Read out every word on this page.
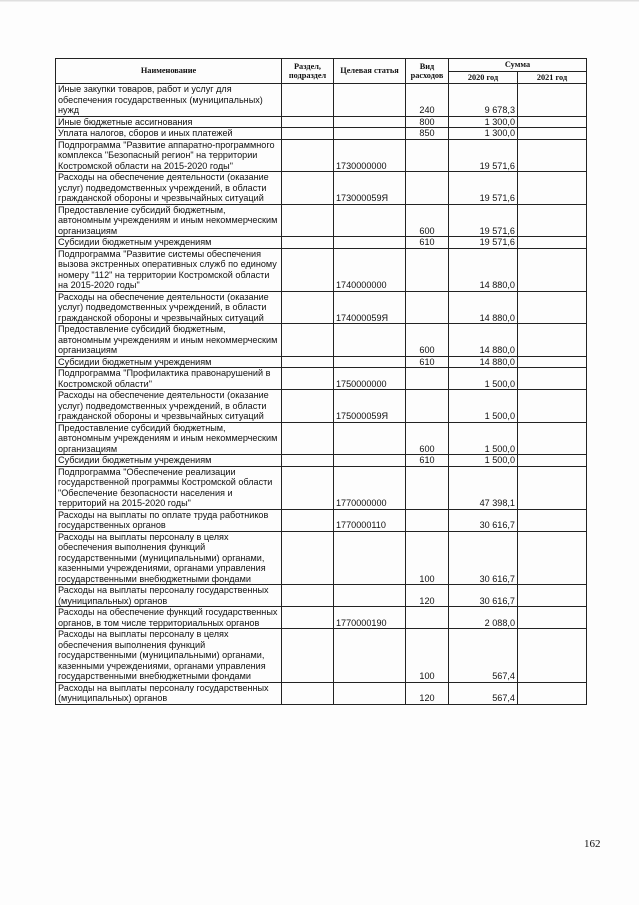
Наименование	Раздел, подраздел	Целевая статья	Вид расходов	Сумма	
				2020 год	2021 год
Иные закупки товаров, работ и услуг для обеспечения государственных (муниципальных) нужд			240	9 678,3	
Иные бюджетные ассигнования			800	1 300,0	
Уплата налогов, сборов и иных платежей			850	1 300,0	
Подпрограмма "Развитие аппаратно-программного комплекса "Безопасный регион" на территории Костромской области на 2015-2020 годы"		1730000000		19 571,6	
Расходы на обеспечение деятельности (оказание услуг) подведомственных учреждений, в области гражданской обороны и чрезвычайных ситуаций		173000059Я		19 571,6	
Предоставление субсидий бюджетным, автономным учреждениям и иным некоммерческим организациям			600	19 571,6	
Субсидии бюджетным учреждениям			610	19 571,6	
Подпрограмма "Развитие системы обеспечения вызова экстренных оперативных служб по единому номеру "112" на территории Костромской области на 2015-2020 годы"		1740000000		14 880,0	
Расходы на обеспечение деятельности (оказание услуг) подведомственных учреждений, в области гражданской обороны и чрезвычайных ситуаций		174000059Я		14 880,0	
Предоставление субсидий бюджетным, автономным учреждениям и иным некоммерческим организациям			600	14 880,0	
Субсидии бюджетным учреждениям			610	14 880,0	
Подпрограмма "Профилактика правонарушений в Костромской области"		1750000000		1 500,0	
Расходы на обеспечение деятельности (оказание услуг) подведомственных учреждений, в области гражданской обороны и чрезвычайных ситуаций		175000059Я		1 500,0	
Предоставление субсидий бюджетным, автономным учреждениям и иным некоммерческим организациям			600	1 500,0	
Субсидии бюджетным учреждениям			610	1 500,0	
Подпрограмма "Обеспечение реализации государственной программы Костромской области "Обеспечение безопасности населения и территорий на 2015-2020 годы"		1770000000		47 398,1	
Расходы на выплаты по оплате труда работников государственных органов		1770000110		30 616,7	
Расходы на выплаты персоналу в целях обеспечения выполнения функций государственными (муниципальными) органами, казенными учреждениями, органами управления государственными внебюджетными фондами			100	30 616,7	
Расходы на выплаты персоналу государственных (муниципальных) органов			120	30 616,7	
Расходы на обеспечение функций государственных органов, в том числе территориальных органов		1770000190		2 088,0	
Расходы на выплаты персоналу в целях обеспечения выполнения функций государственными (муниципальными) органами, казенными учреждениями, органами управления государственными внебюджетными фондами			100	567,4	
Расходы на выплаты персоналу государственных (муниципальных) органов			120	567,4	
162
